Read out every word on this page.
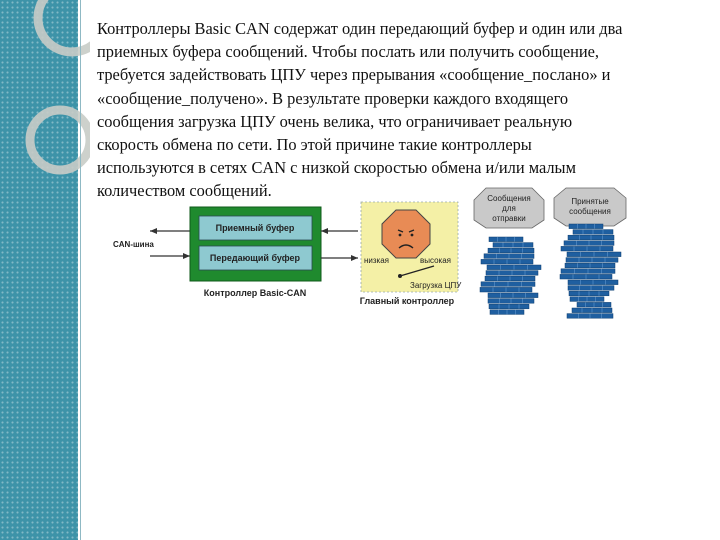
Контроллеры Basic CAN содержат один передающий буфер и один или два
приемных буфера сообщений. Чтобы послать или получить сообщение,
требуется задействовать ЦПУ через прерывания «сообщение_послано» и
«сообщение_получено». В результате проверки каждого входящего
сообщения загрузка ЦПУ очень велика, что ограничивает реальную
скорость обмена по сети. По этой причине такие контроллеры
используются в сетях CAN с низкой скоростью обмена и/или малым
количеством сообщений.
CAN-шина
Приемный буфер
Передающий буфер
Контроллер Basic-CAN
низкая	высокая
Загрузка ЦПУ
Главный контроллер
Сообщения
для
отправки
Принятые
сообщения
